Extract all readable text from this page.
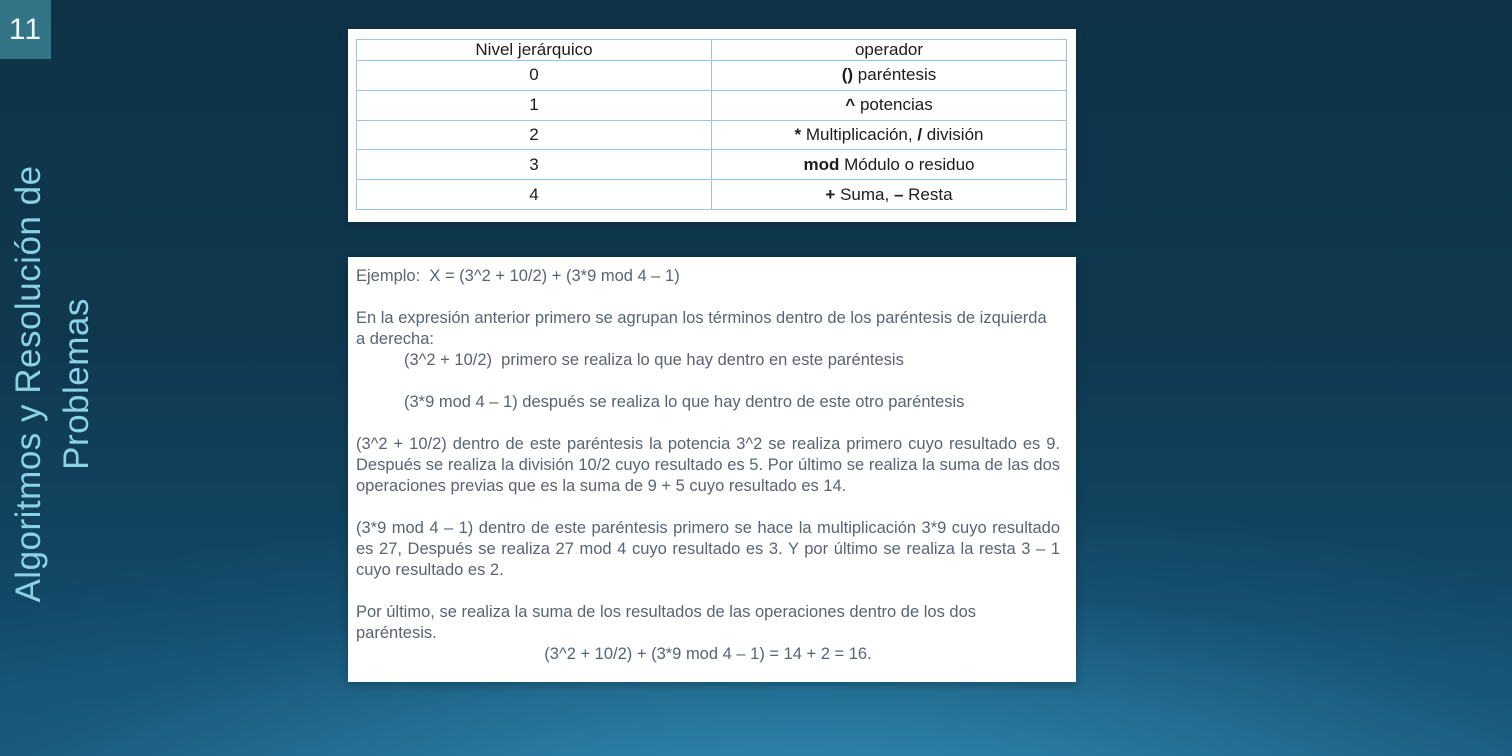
11
Algoritmos y Resolución de Problemas
Nivel jerárquico	operador
0	() paréntesis
1	^ potencias
2	* Multiplicación, / división
3	mod Módulo o residuo
4	+ Suma, – Resta

Ejemplo:  X = (3^2 + 10/2) + (3*9 mod 4 – 1)

En la expresión anterior primero se agrupan los términos dentro de los paréntesis de izquierda a derecha:

(3^2 + 10/2)  primero se realiza lo que hay dentro en este paréntesis

(3*9 mod 4 – 1) después se realiza lo que hay dentro de este otro paréntesis

(3^2 + 10/2) dentro de este paréntesis la potencia 3^2 se realiza primero cuyo resultado es 9. Después se realiza la división 10/2 cuyo resultado es 5. Por último se realiza la suma de las dos operaciones previas que es la suma de 9 + 5 cuyo resultado es 14.

(3*9 mod 4 – 1) dentro de este paréntesis primero se hace la multiplicación 3*9 cuyo resultado es 27, Después se realiza 27 mod 4 cuyo resultado es 3. Y por último se realiza la resta 3 – 1 cuyo resultado es 2.

Por último, se realiza la suma de los resultados de las operaciones dentro de los dos paréntesis.

(3^2 + 10/2) + (3*9 mod 4 – 1) = 14 + 2 = 16.
